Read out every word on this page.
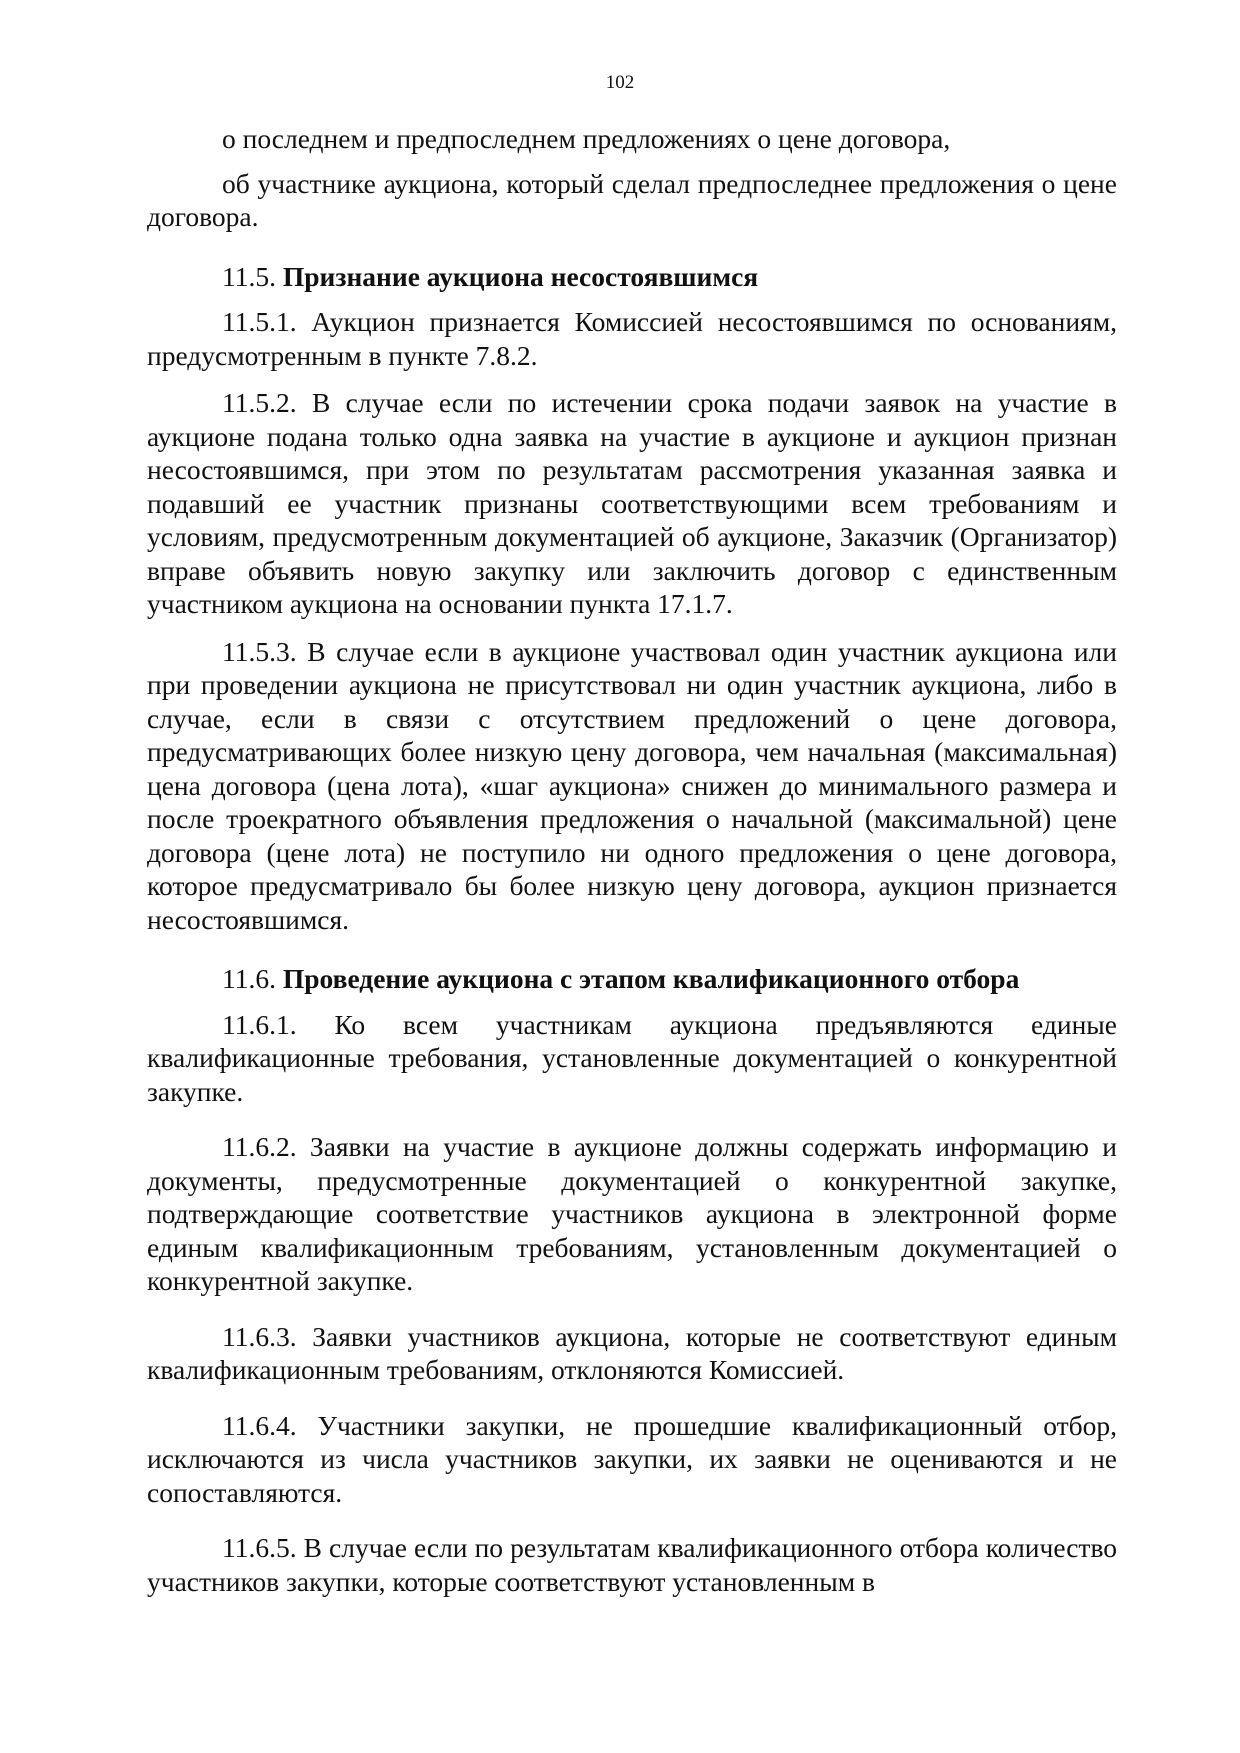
102

о последнем и предпоследнем предложениях о цене договора,

об участнике аукциона, который сделал предпоследнее предложения о цене договора.

11.5. Признание аукциона несостоявшимся

11.5.1. Аукцион признается Комиссией несостоявшимся по основаниям, предусмотренным в пункте 7.8.2.

11.5.2. В случае если по истечении срока подачи заявок на участие в аукционе подана только одна заявка на участие в аукционе и аукцион признан несостоявшимся, при этом по результатам рассмотрения указанная заявка и подавший ее участник признаны соответствующими всем требованиям и условиям, предусмотренным документацией об аукционе, Заказчик (Организатор) вправе объявить новую закупку или заключить договор с единственным участником аукциона на основании пункта 17.1.7.

11.5.3. В случае если в аукционе участвовал один участник аукциона или при проведении аукциона не присутствовал ни один участник аукциона, либо в случае, если в связи с отсутствием предложений о цене договора, предусматривающих более низкую цену договора, чем начальная (максимальная) цена договора (цена лота), «шаг аукциона» снижен до минимального размера и после троекратного объявления предложения о начальной (максимальной) цене договора (цене лота) не поступило ни одного предложения о цене договора, которое предусматривало бы более низкую цену договора, аукцион признается несостоявшимся.

11.6. Проведение аукциона с этапом квалификационного отбора

11.6.1. Ко всем участникам аукциона предъявляются единые квалификационные требования, установленные документацией о конкурентной закупке.

11.6.2. Заявки на участие в аукционе должны содержать информацию и документы, предусмотренные документацией о конкурентной закупке, подтверждающие соответствие участников аукциона в электронной форме единым квалификационным требованиям, установленным документацией о конкурентной закупке.

11.6.3. Заявки участников аукциона, которые не соответствуют единым квалификационным требованиям, отклоняются Комиссией.

11.6.4. Участники закупки, не прошедшие квалификационный отбор, исключаются из числа участников закупки, их заявки не оцениваются и не сопоставляются.

11.6.5. В случае если по результатам квалификационного отбора количество участников закупки, которые соответствуют установленным в
